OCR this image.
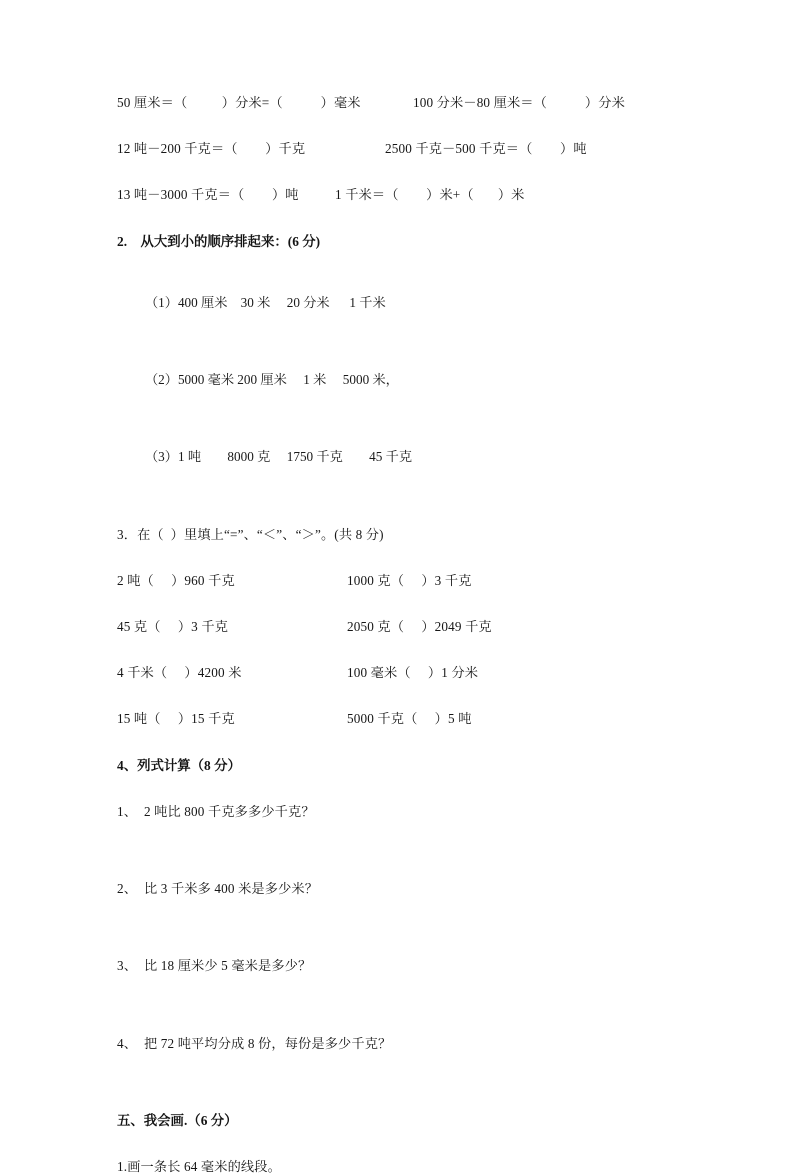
50 厘米＝（          ）分米=（           ）毫米	100 分米－80 厘米＝（           ）分米
12 吨－200 千克＝（        ）千克	2500 千克－500 千克＝（        ）吨
13 吨－3000 千克＝（        ）吨	1 千米＝（        ）米+（       ）米
2. 从大到小的顺序排起来：(6 分)
（1）400 厘米    30 米     20 分米      1 千米
（2）5000 毫米 200 厘米     1 米     5000 米，
（3）1 吨        8000 克     1750 千克        45 千克
3．在（  ）里填上“=”、“＜”、“＞”。(共 8 分)
2 吨（     ）960 千克	1000 克（     ）3 千克
45 克（     ）3 千克	2050 克（     ）2049 千克
4 千米（     ）4200 米	100 毫米（     ）1 分米
15 吨（     ）15 千克	5000 千克（     ）5 吨
4、列式计算（8 分）
1、  2 吨比 800 千克多多少千克？
2、  比 3 千米多 400 米是多少米？
3、  比 18 厘米少 5 毫米是多少？
4、  把 72 吨平均分成 8 份，每份是多少千克？
五、我会画.（6 分）
1.画一条长 64 毫米的线段。
